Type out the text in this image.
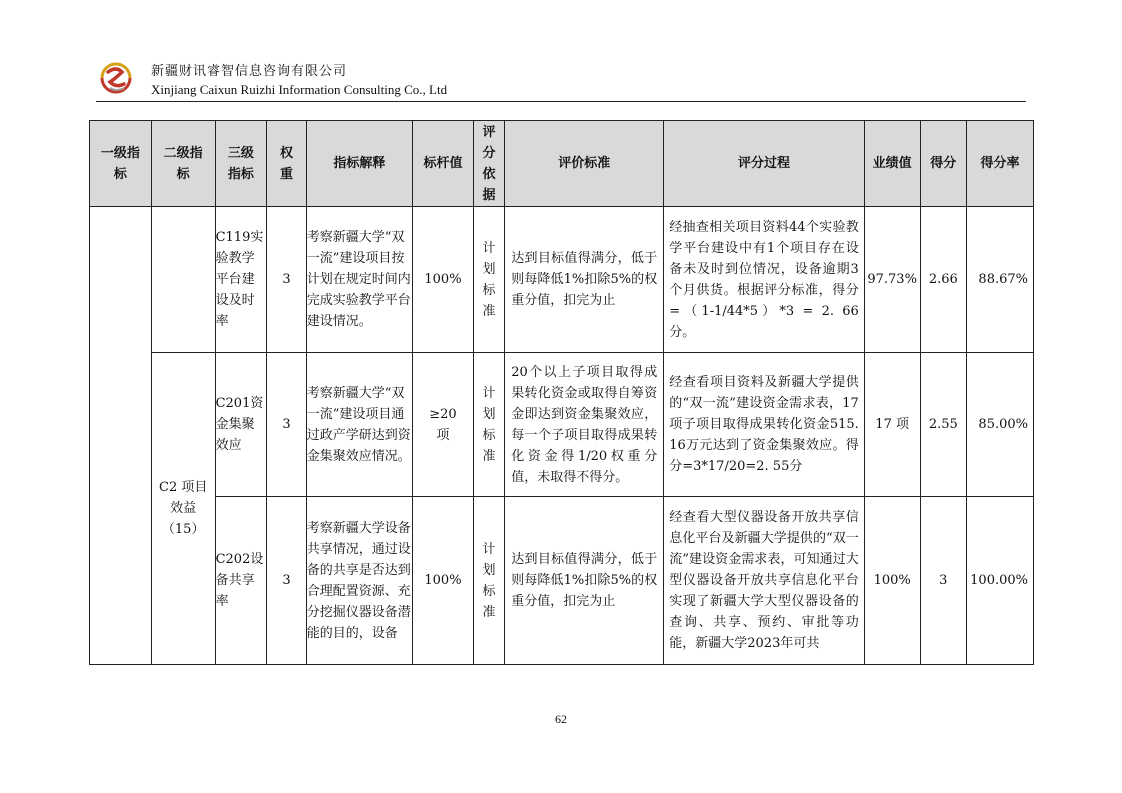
新疆财讯睿智信息咨询有限公司
Xinjiang Caixun Ruizhi Information Consulting Co., Ltd
一级指标	二级指标	三级指标	权重	指标解释	标杆值	评分依据	评价标准	评分过程	业绩值	得分	得分率
		C119实验教学平台建设及时率	3	考察新疆大学“双一流”建设项目按计划在规定时间内完成实验教学平台建设情况。	100%	计划标准	达到目标值得满分，低于则每降低1%扣除5%的权重分值，扣完为止	经抽查相关项目资料44个实验教学平台建设中有1个项目存在设备未及时到位情况，设备逾期3个月供货。根据评分标准，得分 =（1-1/44*5）*3 = 2. 66 分。	97.73%	2.66	88.67%
	C2 项目效益（15）	C201资金集聚效应	3	考察新疆大学“双一流”建设项目通过政产学研达到资金集聚效应情况。	≥20项	计划标准	20个以上子项目取得成果转化资金或取得自筹资金即达到资金集聚效应，每一个子项目取得成果转化资金得1/20权重分值，未取得不得分。	经查看项目资料及新疆大学提供的“双一流”建设资金需求表，17项子项目取得成果转化资金515. 16万元达到了资金集聚效应。得分=3*17/20=2. 55分	17 项	2.55	85.00%
		C202设备共享率	3	考察新疆大学设备共享情况，通过设备的共享是否达到合理配置资源、充分挖掘仪器设备潜能的目的，设备	100%	计划标准	达到目标值得满分，低于则每降低1%扣除5%的权重分值，扣完为止	经查看大型仪器设备开放共享信息化平台及新疆大学提供的“双一流”建设资金需求表，可知通过大型仪器设备开放共享信息化平台实现了新疆大学大型仪器设备的查询、共享、预约、审批等功能，新疆大学2023年可共	100%	3	100.00%
62
